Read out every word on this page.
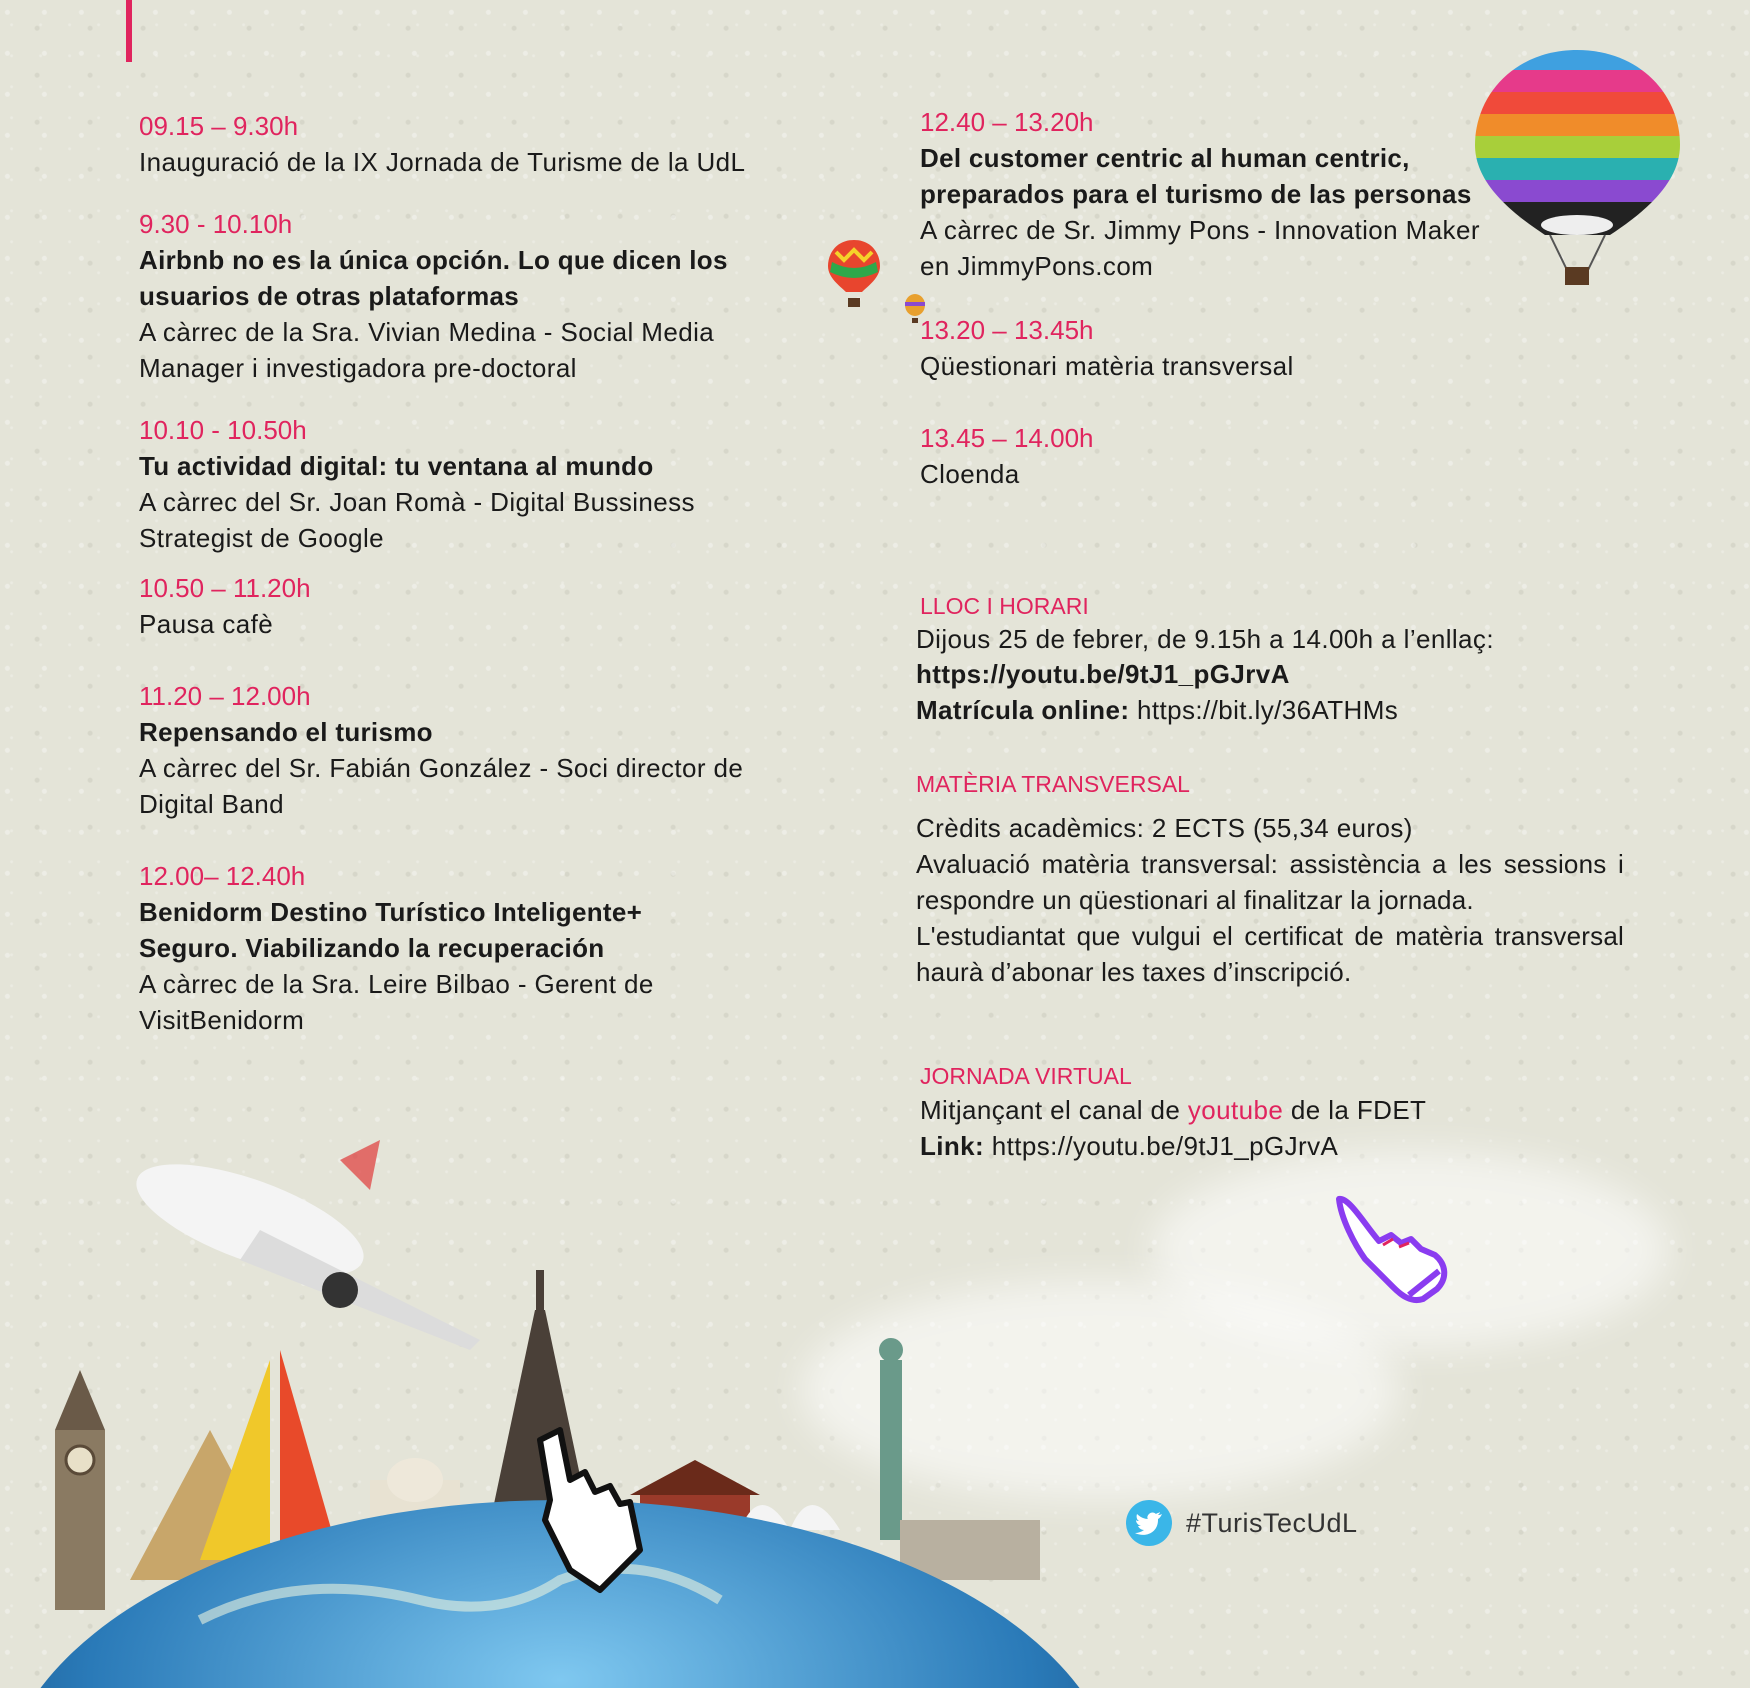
09.15 – 9.30h
Inauguració de la IX Jornada de Turisme de la UdL
9.30 - 10.10h
Airbnb no es la única opción. Lo que dicen los usuarios de otras plataformas
A càrrec de la Sra. Vivian Medina - Social Media Manager i investigadora pre-doctoral
10.10 - 10.50h
Tu actividad digital: tu ventana al mundo
A càrrec del Sr. Joan Romà - Digital Bussiness Strategist de Google
10.50 – 11.20h
Pausa cafè
11.20 – 12.00h
Repensando el turismo
A càrrec del Sr. Fabián González - Soci director de Digital Band
12.00– 12.40h
Benidorm Destino Turístico Inteligente+ Seguro. Viabilizando la recuperación
A càrrec de la Sra. Leire Bilbao - Gerent de VisitBenidorm
12.40 – 13.20h
Del customer centric al human centric, preparados para el turismo de las personas
A càrrec de Sr. Jimmy Pons - Innovation Maker en JimmyPons.com
13.20 – 13.45h
Qüestionari matèria transversal
13.45 – 14.00h
Cloenda
LLOC I HORARI
Dijous 25 de febrer, de 9.15h a 14.00h a l’enllaç:
https://youtu.be/9tJ1_pGJrvA
Matrícula online: https://bit.ly/36ATHMs
MATÈRIA TRANSVERSAL
Crèdits acadèmics: 2 ECTS (55,34 euros)
Avaluació matèria transversal: assistència a les sessions i respondre un qüestionari al finalitzar la jornada.
L'estudiantat que vulgui el certificat de matèria transversal haurà d’abonar les taxes d’inscripció.
JORNADA VIRTUAL
Mitjançant el canal de youtube de la FDET
Link: https://youtu.be/9tJ1_pGJrvA
#TurisTecUdL
